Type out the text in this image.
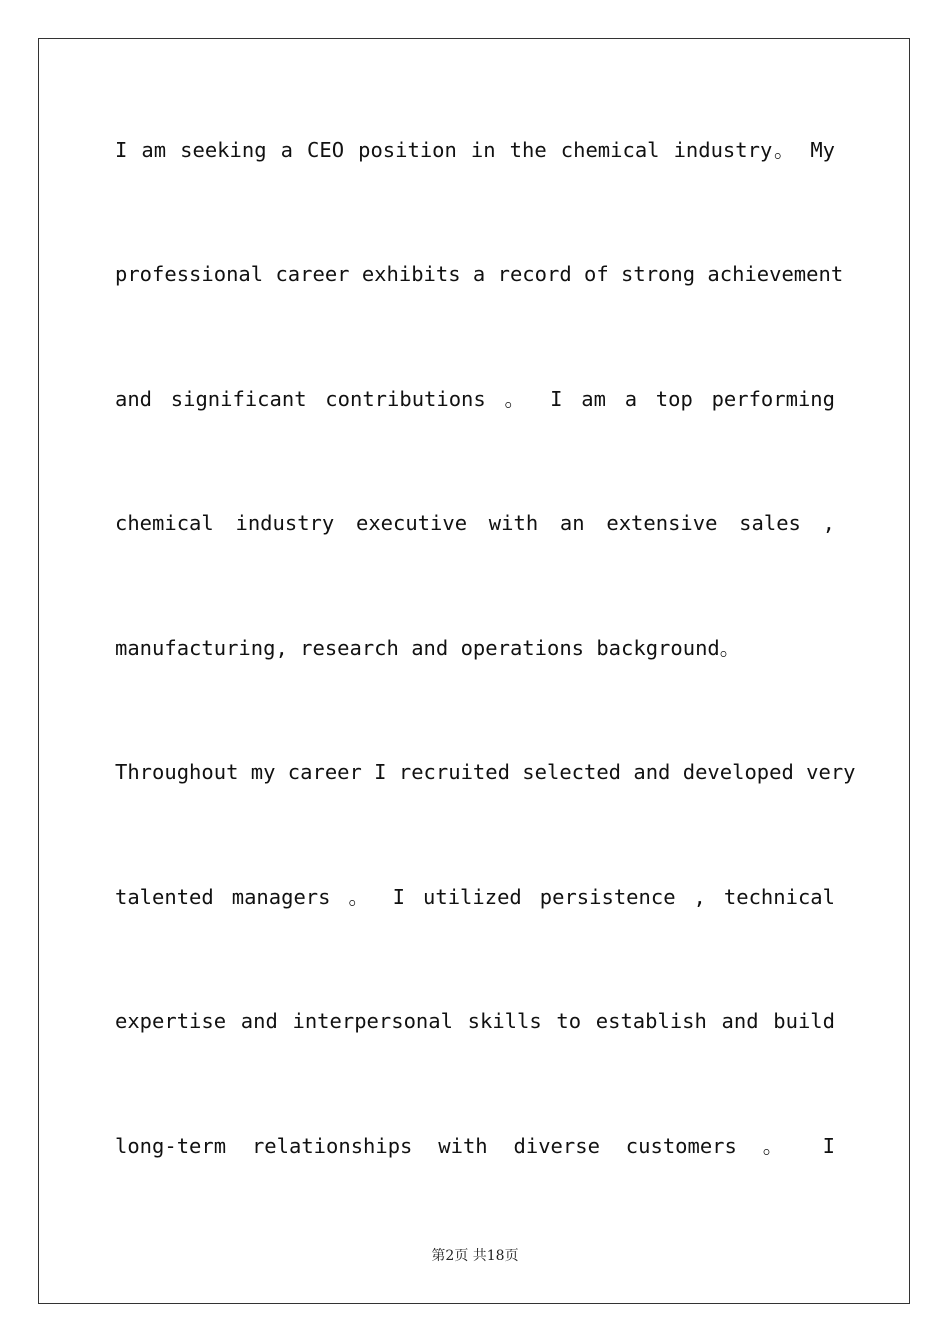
I am seeking a CEO position in the chemical industry。 My
professional career exhibits a record of strong achievement
and significant contributions 。 I am a top performing
chemical industry executive with an extensive sales ,
manufacturing, research and operations background。
Throughout my career I recruited selected and developed very
talented managers 。 I utilized persistence , technical
expertise and interpersonal skills to establish and build
long-term relationships with diverse customers 。 I
第2页 共18页
